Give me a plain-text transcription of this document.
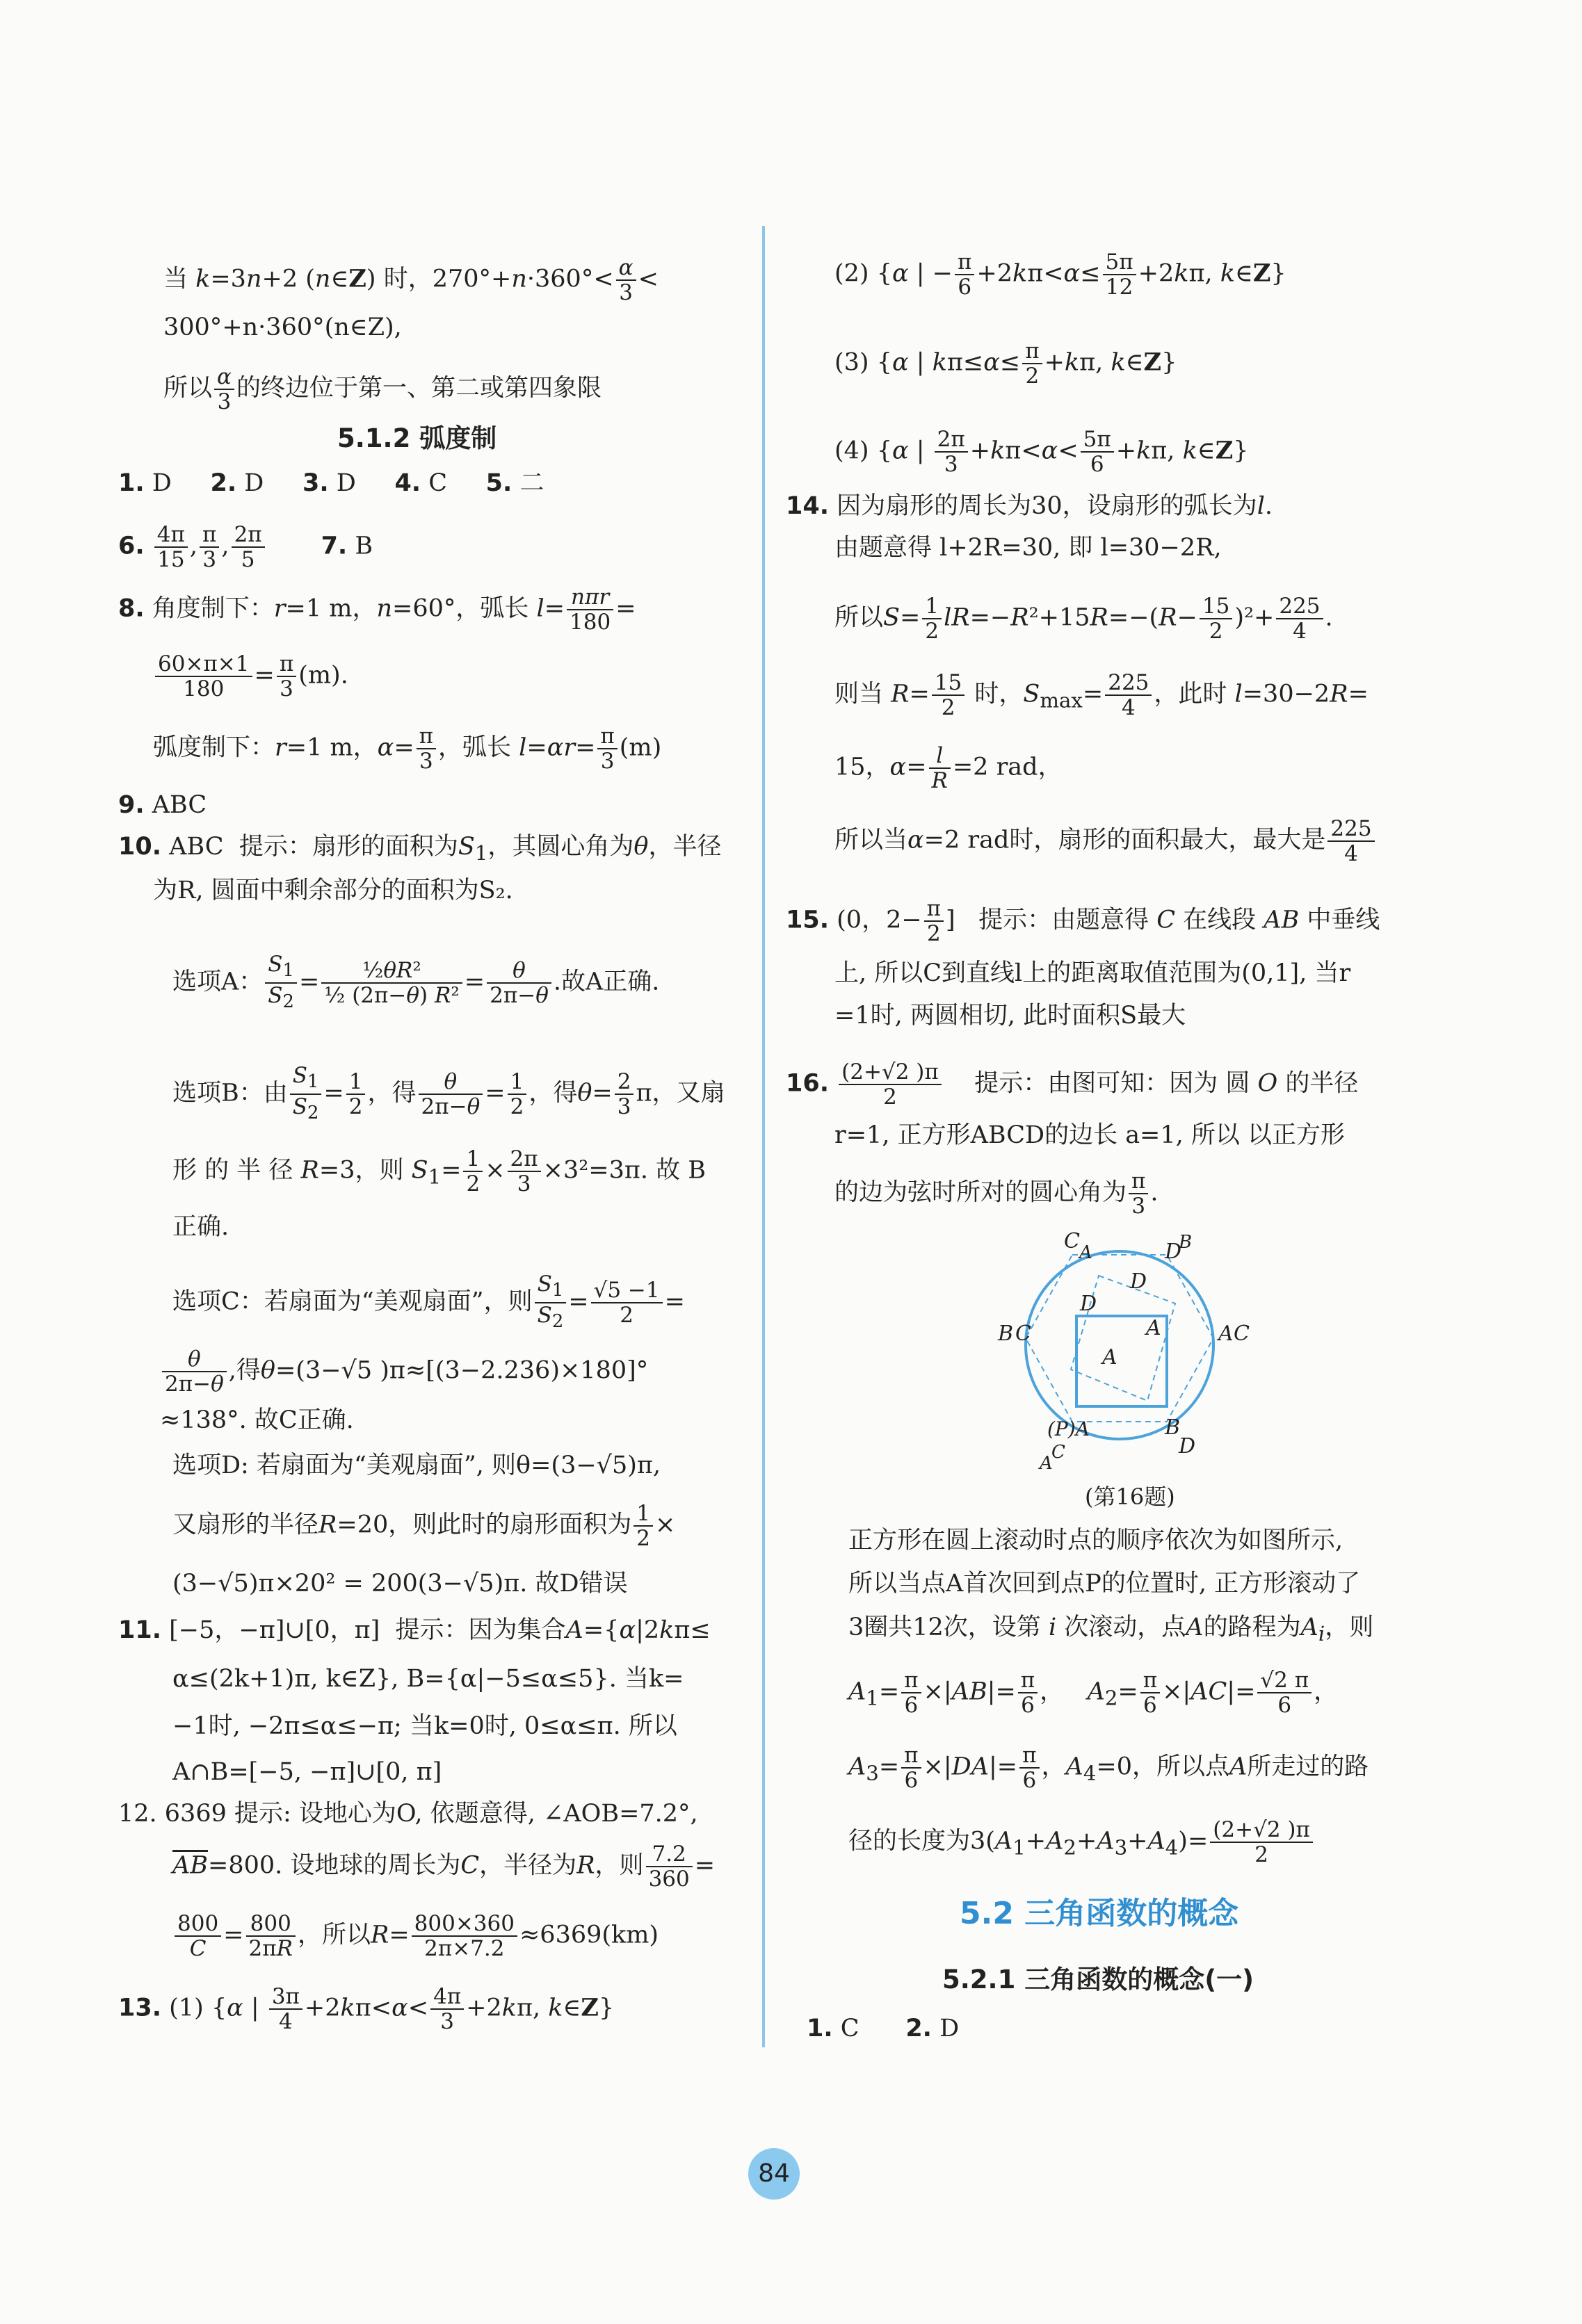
当 k=3n+2 (n∈Z) 时，$270^\circ+n\cdot 360^\circ< \frac{\alpha}{3}$ <
300°+n·360°(n∈Z),
所以 $\frac{\alpha}{3}$ 的终边位于第一、第二或第四象限
5.1.2 弧度制
1. D     2. D     3. D     4. C     5. 二
6. $\frac{4\pi}{15}$ , $\frac{\pi}{3}$ , $\frac{2\pi}{5} 7$. B
8. 角度制下：r=1 m，n=60°，弧长 $l= \frac{\text{nπr}}{180}$ =
$\frac{60\times\pi\times 1}{180} = \frac{\pi}{3} (m)$.
弧度制下：r=1 m，$\alpha= \frac{\pi}{3}$ ，弧长 $l=\alpha r= \frac{\pi}{3} (m)$
9. ABC
10. ABC  提示：扇形的面积为$S_1$，其圆心角为θ，半径
为R, 圆面中剩余部分的面积为S₂.
选项A： $\frac{S_1}{S_2} = \frac{\text{½θR²}}{\text{½ (2π−θ) R²}} = \frac{\theta}{2\pi-\theta}$ .故A正确.
选项B：由 $\frac{S_1}{S_2} = \frac{1}{2}$ ，得 $\frac{\theta}{2\pi-\theta} = \frac{1}{2}$ ，得$\theta= \frac{2}{3}$ π，又扇
形 的 半 径 R=3，则 $S_1= \frac{1}{2} \times \frac{2\pi}{3} \times 3^2=3\pi$. 故 B
正确.
选项C：若扇面为“美观扇面”，则 $\frac{S_1}{S_2} = \frac{√5 -1}{2}$ =
$\frac{\theta}{2\pi-\theta}$ ,得θ=(3−√5 )π≈[(3−2.236)×180]°
≈138°. 故C正确.
选项D: 若扇面为“美观扇面”, 则θ=(3−√5)π,
又扇形的半径R=20，则此时的扇形面积为 $\frac{1}{2}$ ×
(3−√5)π×20² = 200(3−√5)π. 故D错误
11. [−5，−π]∪[0，π]  提示：因为集合A={α|2kπ≤
α≤(2k+1)π, k∈Z}, B={α|−5≤α≤5}. 当k=
−1时, −2π≤α≤−π; 当k=0时, 0≤α≤π. 所以
A∩B=[−5, −π]∪[0, π]
12. 6369 提示: 设地心为O, 依题意得, ∠AOB=7.2°,
$\overline{AB}=800$. 设地球的周长为C，半径为R，则 $\frac{7.2}{360}$ =
$\frac{800}{C} = \frac{800}{2\pi R}$ ，所以$R= \frac{800\times 360}{2\pi\times 7.2} \approx 6369(km)$
13. (1) {α | $\frac{3\pi}{4} +2k\pi<\alpha< \frac{4\pi}{3} +2k\pi$, k∈Z}
(2) {α | − $\frac{\pi}{6} +2k\pi<\alpha\le \frac{5\pi}{12} +2k\pi$, k∈Z}
(3) {α | $k\pi\le\alpha\le \frac{\pi}{2} +k\pi$, k∈Z}
(4) {α | $\frac{2\pi}{3} +k\pi<\alpha< \frac{5\pi}{6} +k\pi$, k∈Z}
14. 因为扇形的周长为30，设扇形的弧长为l.
由题意得 l+2R=30, 即 l=30−2R,
所以$S= \frac{1}{2} lR=-R^2+15R=-(R- \frac{15}{2} )^2+ \frac{225}{4}$ .
则当 $R= \frac{15}{2}$ 时，$S_{max}= \frac{225}{4}$ ，此时 l=30−2R=
15，$\alpha= \frac{l}{R} =2$ rad，
所以当α=2 rad时，扇形的面积最大，最大是 $\frac{225}{4}$
15. (0，$2- \frac{\pi}{2}$ ]   提示：由题意得 C 在线段 AB 中垂线
上, 所以C到直线l上的距离取值范围为(0,1], 当r
=1时, 两圆相切, 此时面积S最大
16. $\frac{(2+√2 )\pi}{2}$ 提示：由图可知：因为 圆 O 的半径
r=1, 正方形ABCD的边长 a=1, 所以 以正方形
的边为弦时所对的圆心角为 $\frac{\pi}{3}$ .
C A	D
B
D
D
B C	A C
A
A
(P)A
C
A
B
D
(第16题)
正方形在圆上滚动时点的顺序依次为如图所示,
所以当点A首次回到点P的位置时, 正方形滚动了
3圈共12次，设第 i 次滚动，点A的路程为$A_i$，则
$A_1= \frac{\pi}{6} \times|AB|= \frac{\pi}{6}$ ，   $A_2= \frac{\pi}{6} \times|AC|= \frac{√2 \pi}{6}$ ，
$A_3= \frac{\pi}{6} \times|DA|= \frac{\pi}{6}$ ，$A_4=0$，所以点A所走过的路
径的长度为$3(A_1+A_2+A_3+A_4)= \frac{(2+√2 )\pi}{2}$
5.2 三角函数的概念
5.2.1 三角函数的概念(一)
1. C      2. D
84
